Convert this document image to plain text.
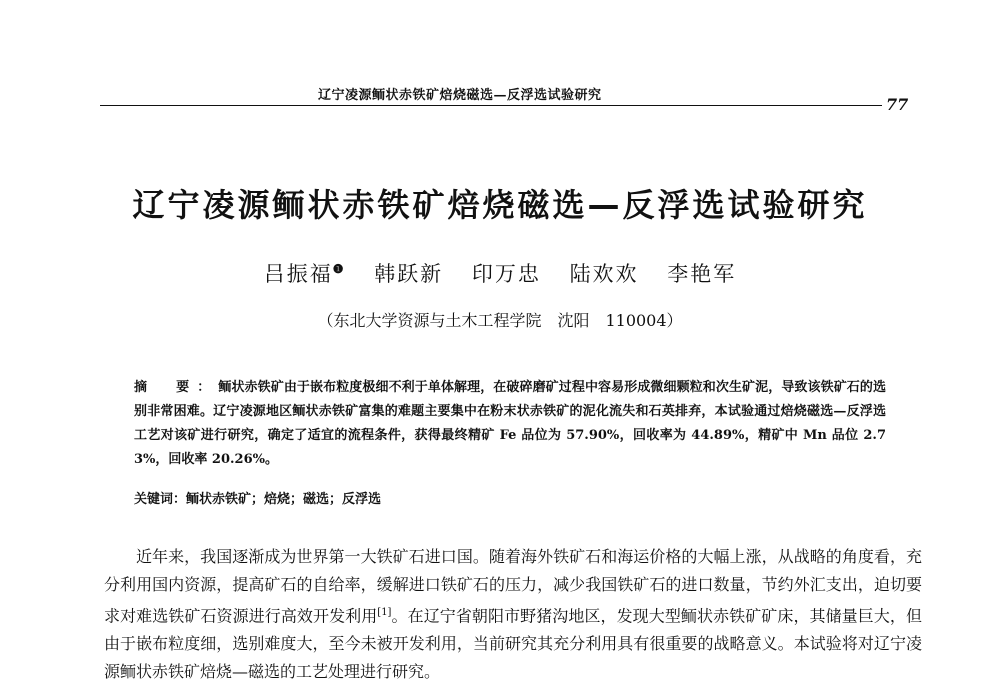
辽宁凌源鲕状赤铁矿焙烧磁选—反浮选试验研究	77
辽宁凌源鲕状赤铁矿焙烧磁选—反浮选试验研究
吕振福$^❶$ 韩跃新 印万忠 陆欢欢 李艳军
（东北大学资源与土木工程学院　沈阳　110004）
摘　要：鲕状赤铁矿由于嵌布粒度极细不利于单体解理，在破碎磨矿过程中容易形成微细颗粒和次生矿泥，导致该铁矿石的选别非常困难。辽宁凌源地区鲕状赤铁矿富集的难题主要集中在粉末状赤铁矿的泥化流失和石英排弃，本试验通过焙烧磁选—反浮选工艺对该矿进行研究，确定了适宜的流程条件，获得最终精矿 Fe 品位为 57.90%，回收率为 44.89%，精矿中 Mn 品位 2.73%，回收率 20.26%。
关键词：鲕状赤铁矿；焙烧；磁选；反浮选
近年来，我国逐渐成为世界第一大铁矿石进口国。随着海外铁矿石和海运价格的大幅上涨，从战略的角度看，充分利用国内资源，提高矿石的自给率，缓解进口铁矿石的压力，减少我国铁矿石的进口数量，节约外汇支出，迫切要求对难选铁矿石资源进行高效开发利用[1]。在辽宁省朝阳市野猪沟地区，发现大型鲕状赤铁矿矿床，其储量巨大，但由于嵌布粒度细，选别难度大，至今未被开发利用，当前研究其充分利用具有很重要的战略意义。本试验将对辽宁凌源鲕状赤铁矿焙烧—磁选的工艺处理进行研究。
